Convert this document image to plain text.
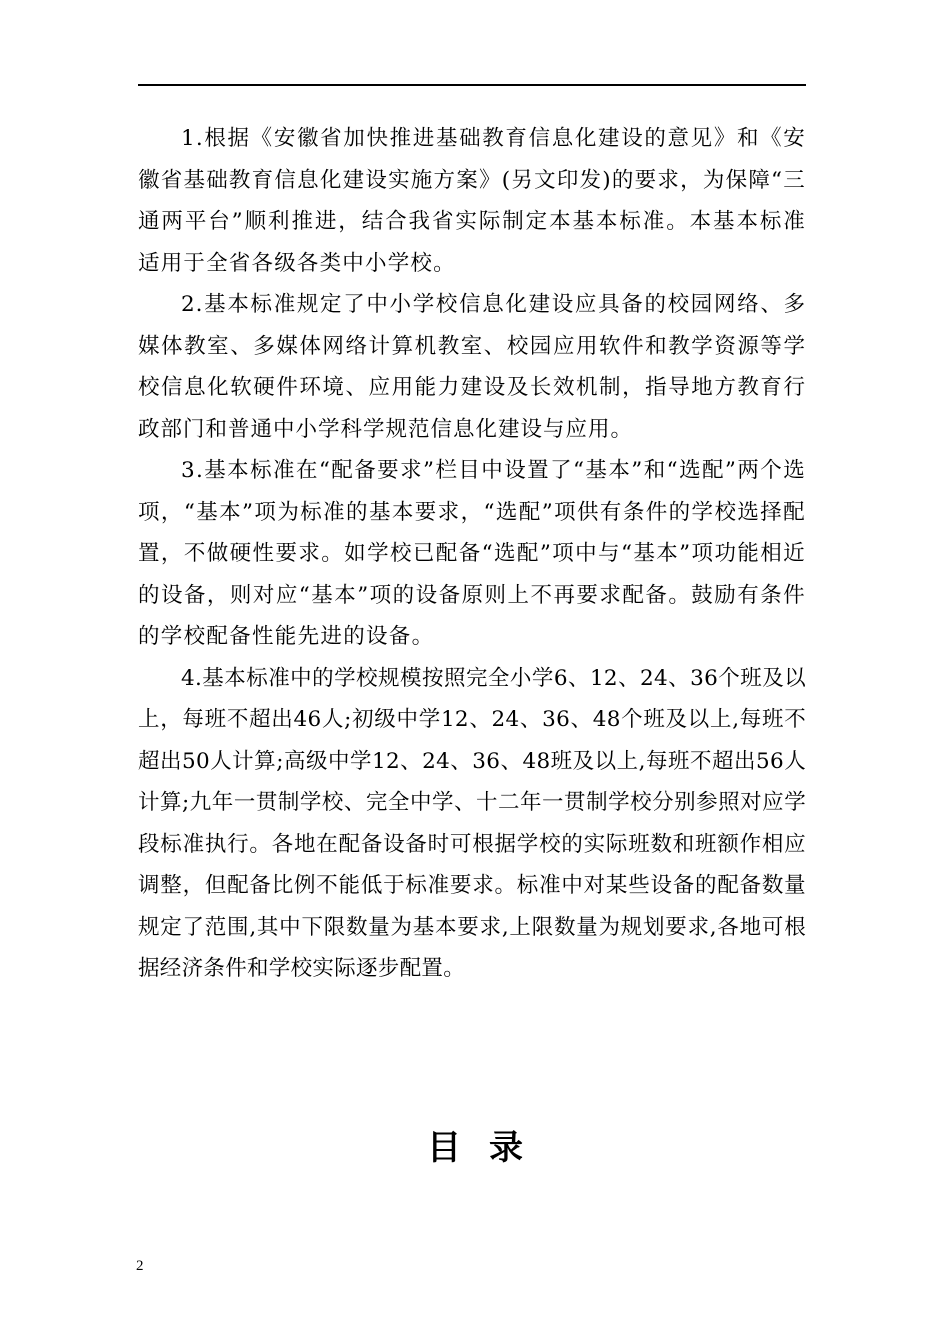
1.根据《安徽省加快推进基础教育信息化建设的意见》和《安徽省基础教育信息化建设实施方案》(另文印发)的要求，为保障“三通两平台”顺利推进，结合我省实际制定本基本标准。本基本标准适用于全省各级各类中小学校。

2.基本标准规定了中小学校信息化建设应具备的校园网络、多媒体教室、多媒体网络计算机教室、校园应用软件和教学资源等学校信息化软硬件环境、应用能力建设及长效机制，指导地方教育行政部门和普通中小学科学规范信息化建设与应用。

3.基本标准在“配备要求”栏目中设置了“基本”和“选配”两个选项，“基本”项为标准的基本要求，“选配”项供有条件的学校选择配置，不做硬性要求。如学校已配备“选配”项中与“基本”项功能相近的设备，则对应“基本”项的设备原则上不再要求配备。鼓励有条件的学校配备性能先进的设备。

4.基本标准中的学校规模按照完全小学6、12、24、36个班及以上，每班不超出46人;初级中学12、24、36、48个班及以上,每班不超出50人计算;高级中学12、24、36、48班及以上,每班不超出56人计算;九年一贯制学校、完全中学、十二年一贯制学校分别参照对应学段标准执行。各地在配备设备时可根据学校的实际班数和班额作相应调整，但配备比例不能低于标准要求。标准中对某些设备的配备数量规定了范围,其中下限数量为基本要求,上限数量为规划要求,各地可根据经济条件和学校实际逐步配置。

目录
2
